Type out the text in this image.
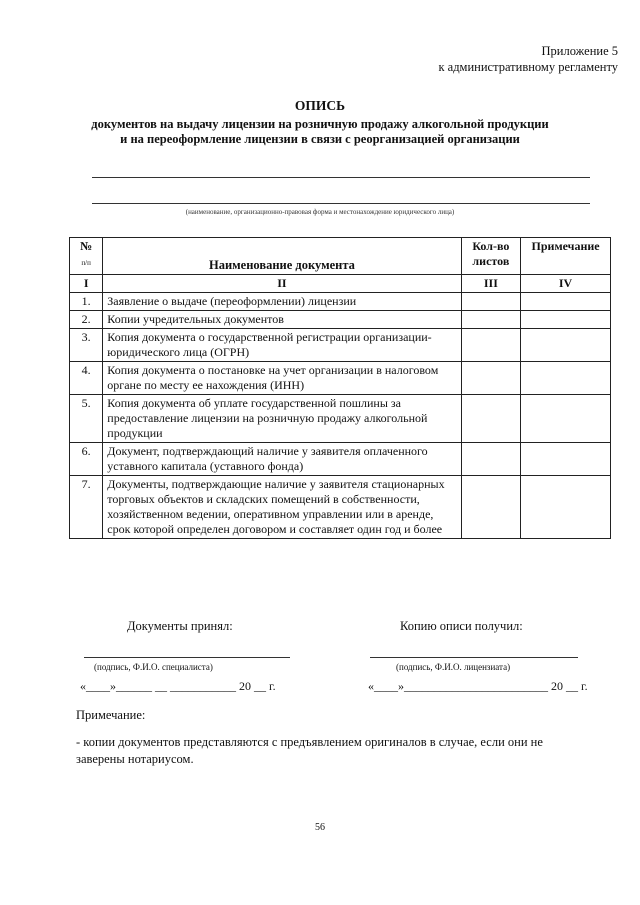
Приложение 5
к административному регламенту
ОПИСЬ
документов на выдачу лицензии на розничную продажу алкогольной продукции
и на переоформление лицензии в связи с реорганизацией организации
(наименование, организационно-правовая форма и местонахождение юридического лица)
№
п/п	Наименование документа	Кол-во листов	Примечание
I	II	III	IV
1.	Заявление о выдаче (переоформлении) лицензии		
2.	Копии учредительных документов		
3.	Копия документа о государственной регистрации организации-юридического лица (ОГРН)		
4.	Копия документа о постановке на учет организации в налоговом органе по месту ее нахождения (ИНН)		
5.	Копия документа об уплате государственной пошлины за предоставление лицензии на розничную продажу алкогольной продукции		
6.	Документ, подтверждающий наличие у заявителя оплаченного уставного капитала (уставного фонда)		
7.	Документы, подтверждающие наличие у заявителя стационарных торговых объектов и складских помещений в собственности, хозяйственном ведении, оперативном управлении или в аренде, срок которой определен договором и составляет один год и более		
Документы принял:	Копию описи получил:
(подпись, Ф.И.О. специалиста)	(подпись, Ф.И.О. лицензиата)
«____»______ __ ___________ 20 __ г.	«____»________________________ 20 __ г.
Примечание:
- копии документов представляются с предъявлением оригиналов в случае, если они не заверены нотариусом.
56
